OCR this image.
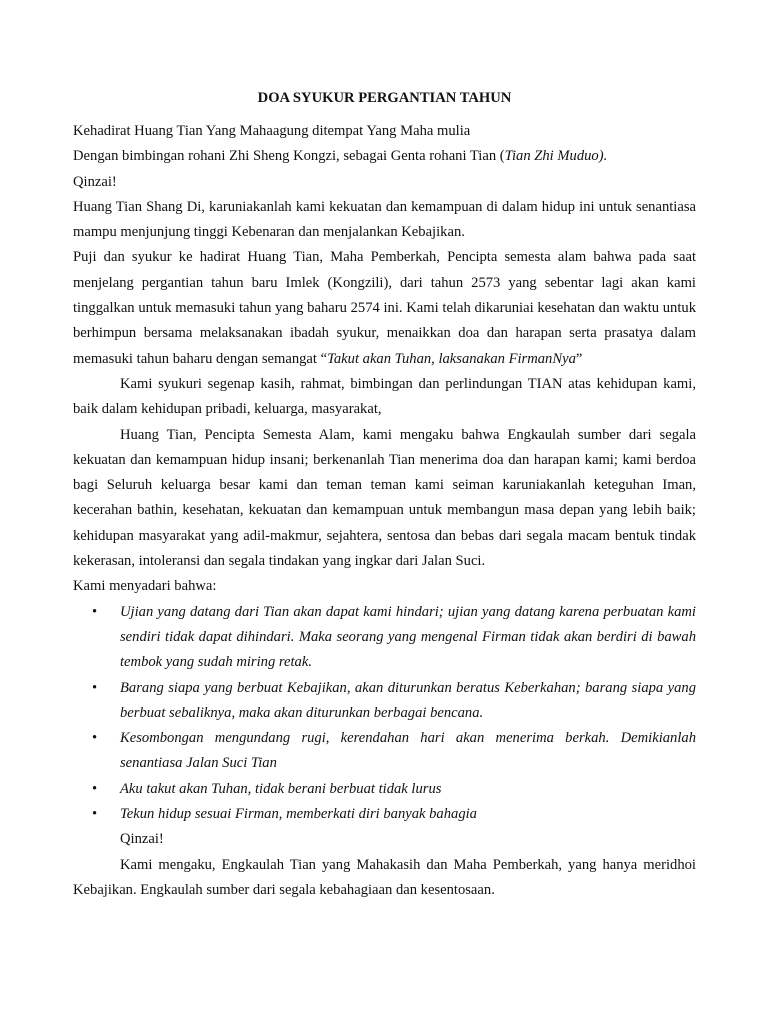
DOA SYUKUR PERGANTIAN TAHUN
Kehadirat Huang Tian Yang Mahaagung ditempat Yang Maha mulia
Dengan bimbingan rohani Zhi Sheng Kongzi, sebagai Genta rohani Tian (Tian Zhi Muduo).
Qinzai!
Huang Tian Shang Di, karuniakanlah kami kekuatan dan kemampuan di dalam hidup ini untuk senantiasa mampu menjunjung tinggi Kebenaran dan menjalankan Kebajikan.
Puji dan syukur ke hadirat Huang Tian, Maha Pemberkah, Pencipta semesta alam bahwa pada saat menjelang pergantian tahun baru Imlek (Kongzili), dari tahun 2573 yang sebentar lagi akan kami tinggalkan untuk memasuki tahun yang baharu 2574 ini. Kami telah dikaruniai kesehatan dan waktu untuk berhimpun bersama melaksanakan ibadah syukur, menaikkan doa dan harapan serta prasatya dalam memasuki tahun baharu dengan semangat “Takut akan Tuhan, laksanakan FirmanNya”
Kami syukuri segenap kasih, rahmat, bimbingan dan perlindungan TIAN atas kehidupan kami, baik dalam kehidupan pribadi, keluarga, masyarakat,
Huang Tian, Pencipta Semesta Alam, kami mengaku bahwa Engkaulah sumber dari segala kekuatan dan kemampuan hidup insani; berkenanlah Tian menerima doa dan harapan kami; kami berdoa bagi Seluruh keluarga besar kami dan teman teman kami seiman karuniakanlah keteguhan Iman, kecerahan bathin, kesehatan, kekuatan dan kemampuan untuk membangun masa depan yang lebih baik; kehidupan masyarakat yang adil-makmur, sejahtera, sentosa dan bebas dari segala macam bentuk tindak kekerasan, intoleransi dan segala tindakan yang ingkar dari Jalan Suci.
Kami menyadari bahwa:
• Ujian yang datang dari Tian akan dapat kami hindari; ujian yang datang karena perbuatan kami sendiri tidak dapat dihindari. Maka seorang yang mengenal Firman tidak akan berdiri di bawah tembok yang sudah miring retak.
• Barang siapa yang berbuat Kebajikan, akan diturunkan beratus Keberkahan; barang siapa yang berbuat sebaliknya, maka akan diturunkan berbagai bencana.
• Kesombongan mengundang rugi, kerendahan hari akan menerima berkah. Demikianlah senantiasa Jalan Suci Tian
• Aku takut akan Tuhan, tidak berani berbuat tidak lurus
• Tekun hidup sesuai Firman, memberkati diri banyak bahagia
Qinzai!
Kami mengaku, Engkaulah Tian yang Mahakasih dan Maha Pemberkah, yang hanya meridhoi Kebajikan. Engkaulah sumber dari segala kebahagiaan dan kesentosaan.
